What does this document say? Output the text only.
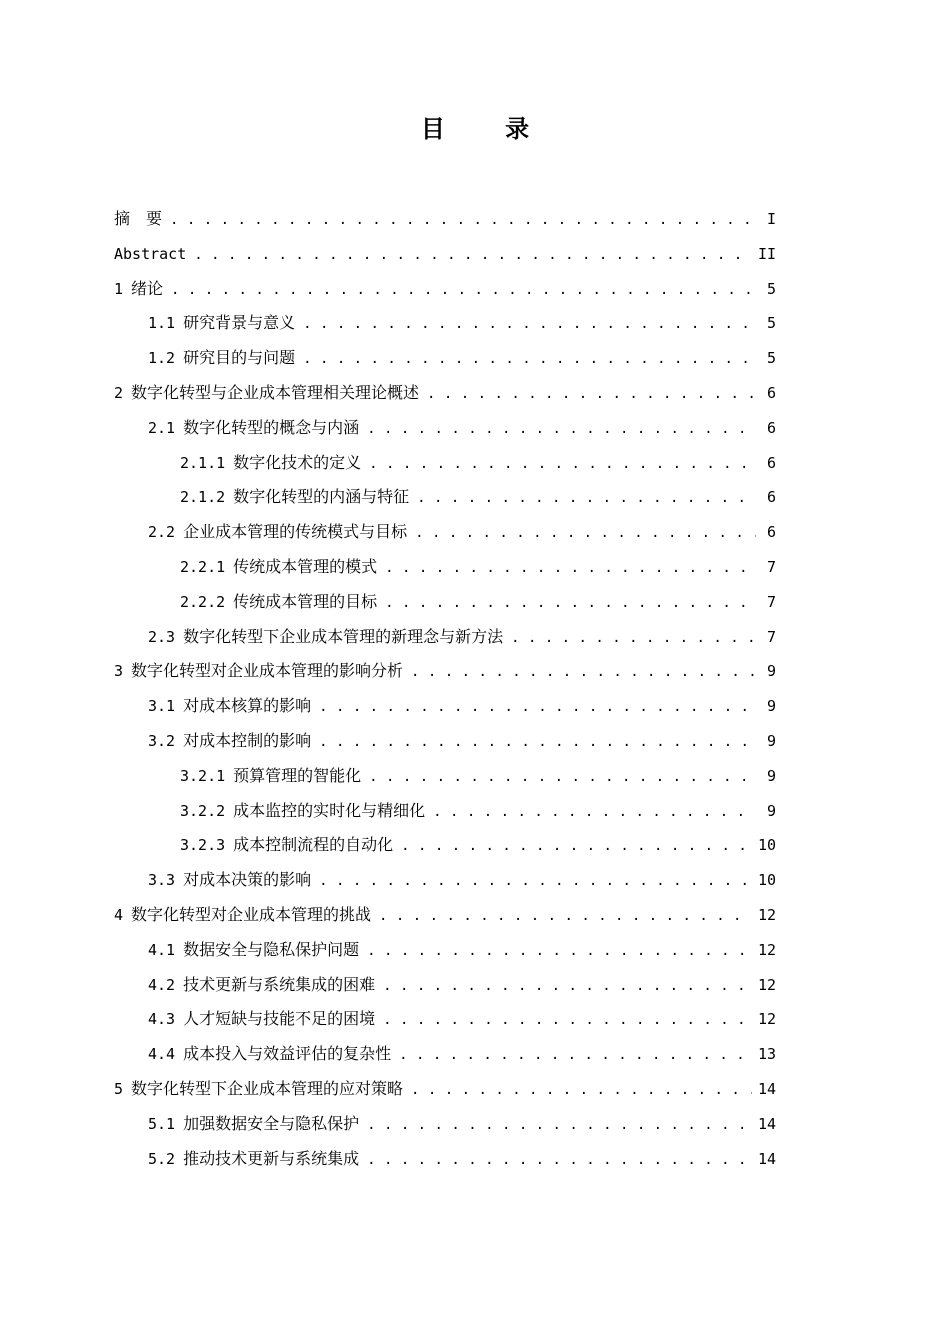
目 录
摘　要 . . .	I
Abstract . . .	II
1 绪论 . . .	5
1.1 研究背景与意义 . . .	5
1.2 研究目的与问题 . . .	5
2 数字化转型与企业成本管理相关理论概述 . . .	6
2.1 数字化转型的概念与内涵 . . .	6
2.1.1 数字化技术的定义 . . .	6
2.1.2 数字化转型的内涵与特征 . . .	6
2.2 企业成本管理的传统模式与目标 . . .	6
2.2.1 传统成本管理的模式 . . .	7
2.2.2 传统成本管理的目标 . . .	7
2.3 数字化转型下企业成本管理的新理念与新方法 . . .	7
3 数字化转型对企业成本管理的影响分析 . . .	9
3.1 对成本核算的影响 . . .	9
3.2 对成本控制的影响 . . .	9
3.2.1 预算管理的智能化 . . .	9
3.2.2 成本监控的实时化与精细化 . . .	9
3.2.3 成本控制流程的自动化 . . .	10
3.3 对成本决策的影响 . . .	10
4 数字化转型对企业成本管理的挑战 . . .	12
4.1 数据安全与隐私保护问题 . . .	12
4.2 技术更新与系统集成的困难 . . .	12
4.3 人才短缺与技能不足的困境 . . .	12
4.4 成本投入与效益评估的复杂性 . . .	13
5 数字化转型下企业成本管理的应对策略 . . .	14
5.1 加强数据安全与隐私保护 . . .	14
5.2 推动技术更新与系统集成 . . .	14
